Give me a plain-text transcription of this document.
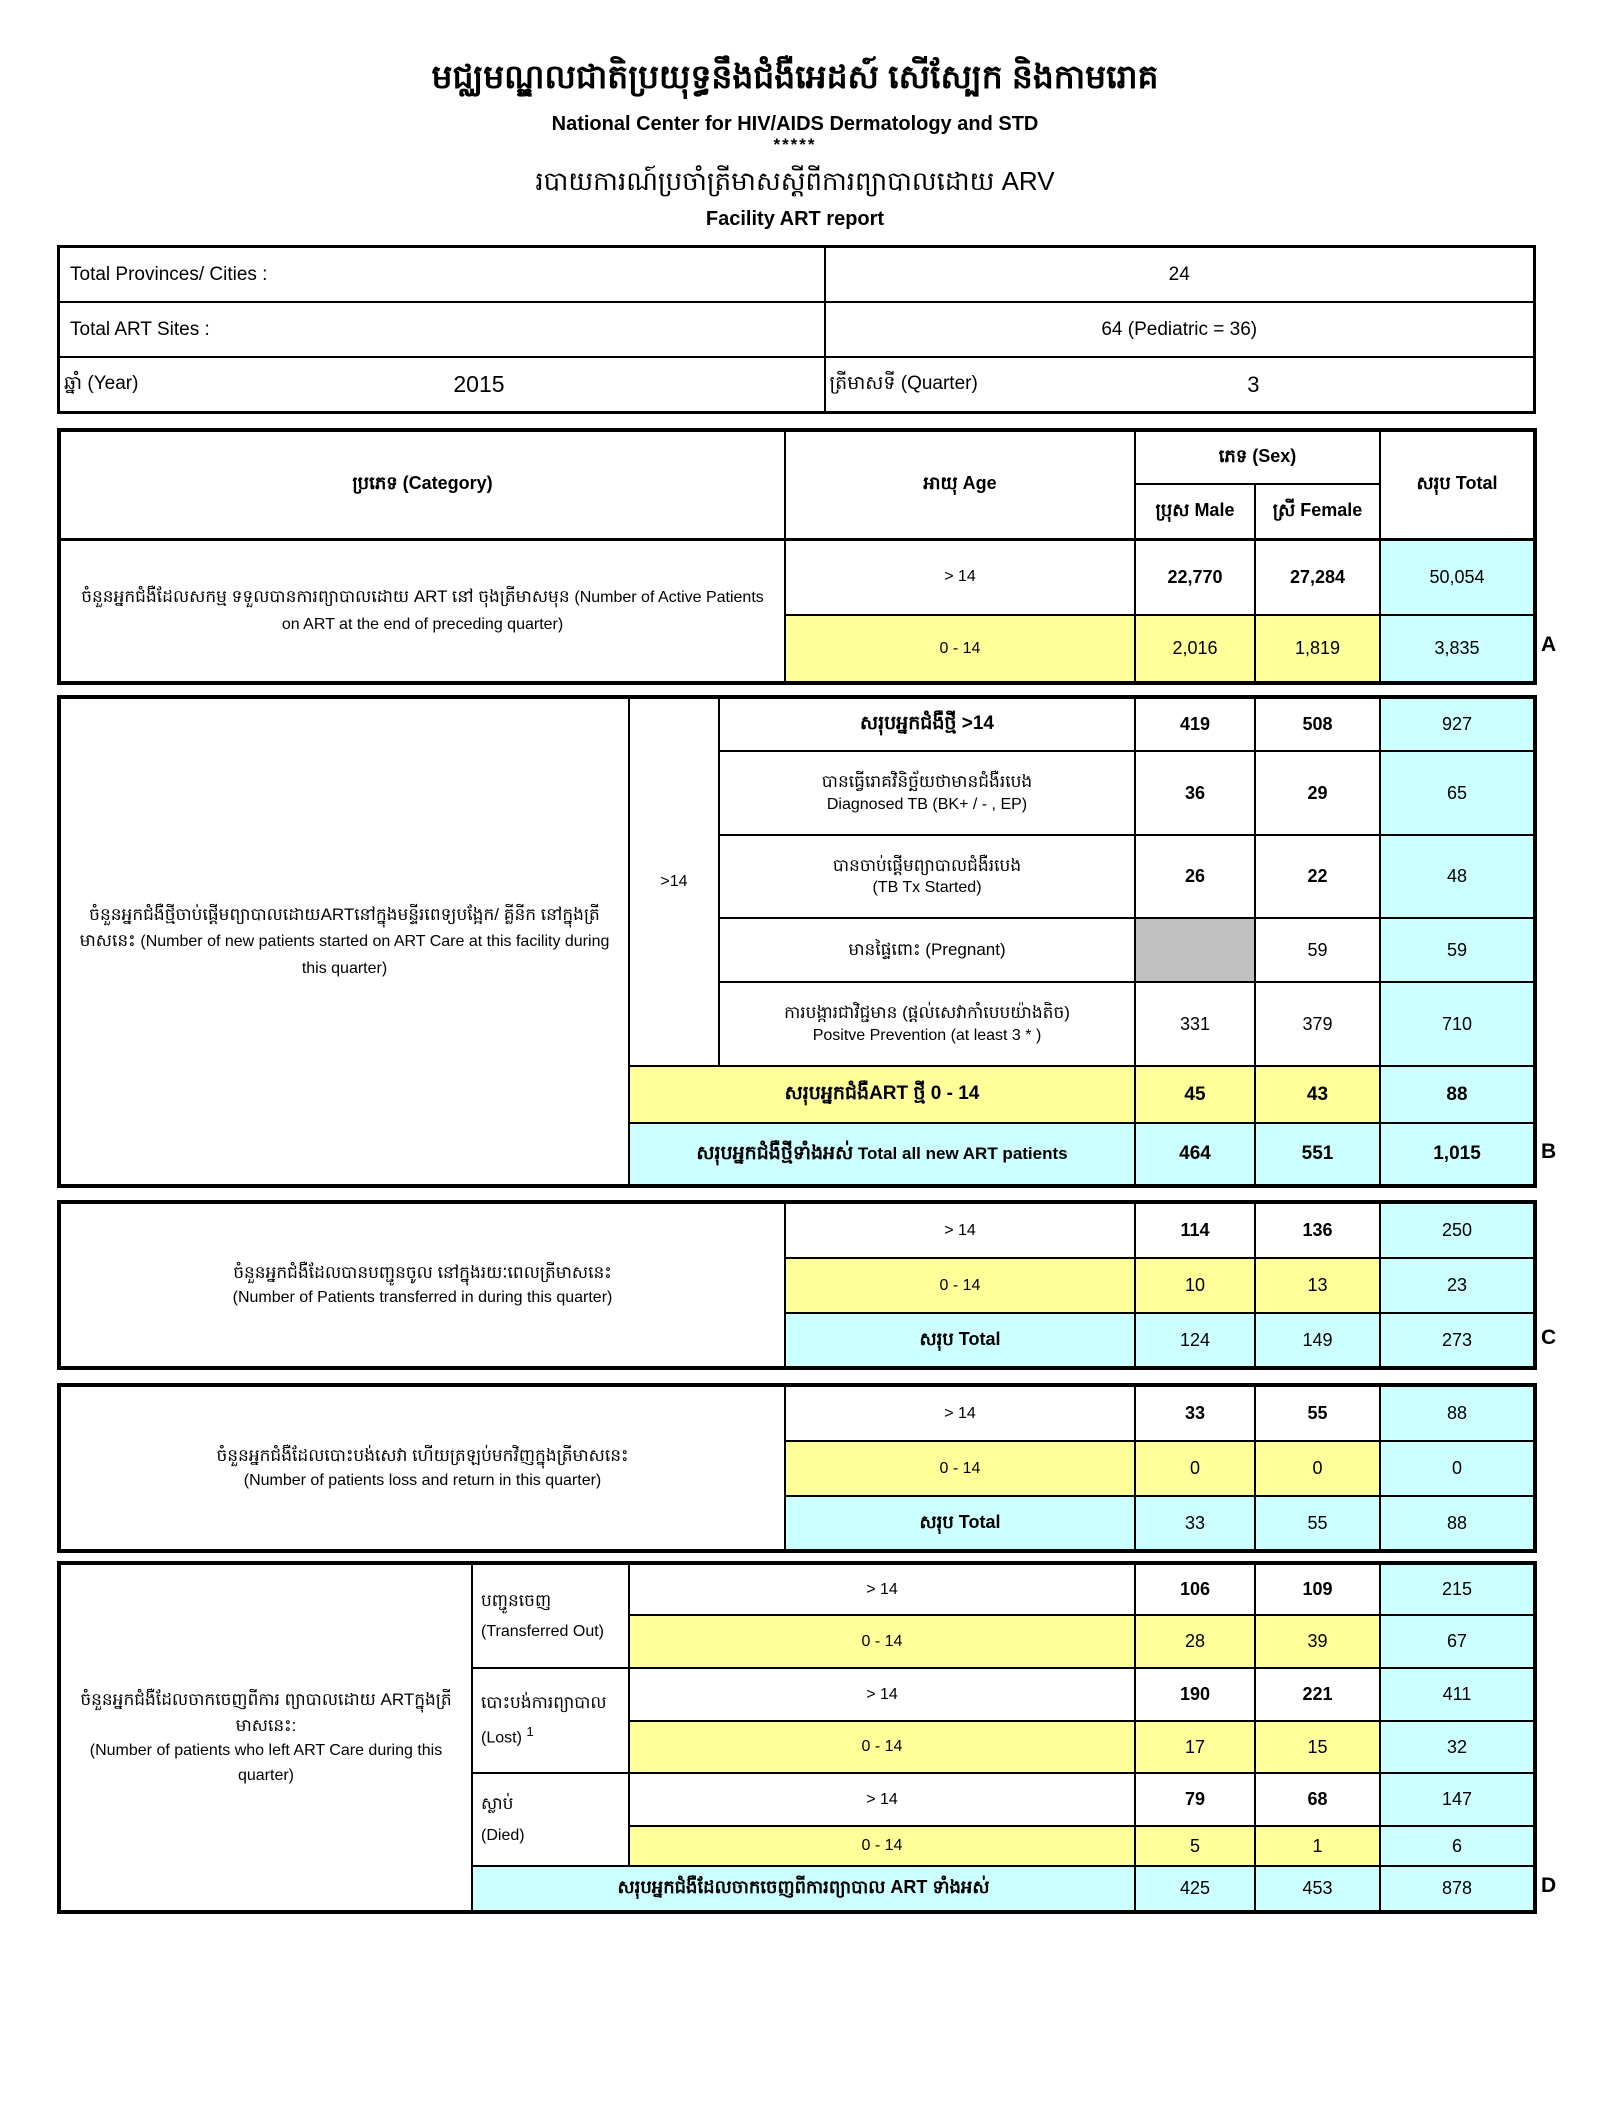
មជ្ឈមណ្ឌលជាតិប្រយុទ្ធនឹងជំងឺអេដស៍ សើស្បែក និងកាមរោគ
National Center for HIV/AIDS Dermatology and STD
*****
របាយការណ៍ប្រចាំត្រីមាសស្តីពីការព្យាបាលដោយ ARV
Facility ART report
Total Provinces/ Cities :	24
Total ART Sites :	64 (Pediatric = 36)

ឆ្នាំ (Year) 2015	ត្រីមាសទី (Quarter) 3
ប្រភេទ (Category)	អាយុ Age	ភេទ (Sex)		សរុប Total
		ប្រុស Male	ស្រី Female	
ចំនួនអ្នកជំងឺដែលសកម្ម ទទួលបានការព្យាបាលដោយ ART នៅ ចុងត្រីមាសមុន (Number of Active Patients on ART at the end of preceding quarter)	> 14	22,770	27,284	50,054
	0 - 14	2,016	1,819	3,835	A
ចំនួនអ្នកជំងឺថ្មីចាប់ផ្តើមព្យាបាលដោយARTនៅក្នុងមន្ទីរពេទ្យបង្អែក/ គ្លីនីក នៅក្នុងត្រីមាសនេះ (Number of new patients started on ART Care at this facility during this quarter)	>14	សរុបអ្នកជំងឺថ្មី >14	419	508	927

		បានធ្វើរោគវិនិច្ឆ័យថាមានជំងឺរបេង
Diagnosed TB (BK+ / - , EP)	36	29	65

		បានចាប់ផ្តើមព្យាបាលជំងឺរបេង
(TB Tx Started)	26	22	48
		មានផ្ទៃពោះ (Pregnant)		59	59

		ការបង្ការជាវិជ្ជមាន (ផ្តល់សេវាកាំបេបយ៉ាងតិច)
Positve Prevention (at least 3 * )	331	379	710
	សរុបអ្នកជំងឺART ថ្មី 0 - 14		45	43	88
	សរុបអ្នកជំងឺថ្មីទាំងអស់ Total all new ART patients		464	551	1,015	B
ចំនួនអ្នកជំងឺដែលបានបញ្ជូនចូល នៅក្នុងរយៈពេលត្រីមាសនេះ
(Number of Patients transferred in during this quarter)	> 14	114	136	250
	0 - 14	10	13	23
	សរុប Total	124	149	273	C
ចំនួនអ្នកជំងឺដែលបោះបង់សេវា ហើយត្រឡប់មកវិញក្នុងត្រីមាសនេះ
(Number of patients loss and return in this quarter)	> 14	33	55	88
	0 - 14	0	0	0
	សរុប Total	33	55	88
ចំនួនអ្នកជំងឺដែលចាកចេញពីការ ព្យាបាលដោយ ARTក្នុងត្រីមាសនេះ:
(Number of patients who left ART Care during this quarter)

បញ្ជូនចេញ
(Transferred Out)
	> 14	106	109	215
		0 - 14	28	39	67

	បោះបង់ការព្យាបាល
(Lost) $^1$	> 14	190	221	411
		0 - 14	17	15	32

	ស្លាប់
(Died)	> 14	79	68	147
		0 - 14	5	1	6
	សរុបអ្នកជំងឺដែលចាកចេញពីការព្យាបាល ART ទាំងអស់		425	453	878	D
